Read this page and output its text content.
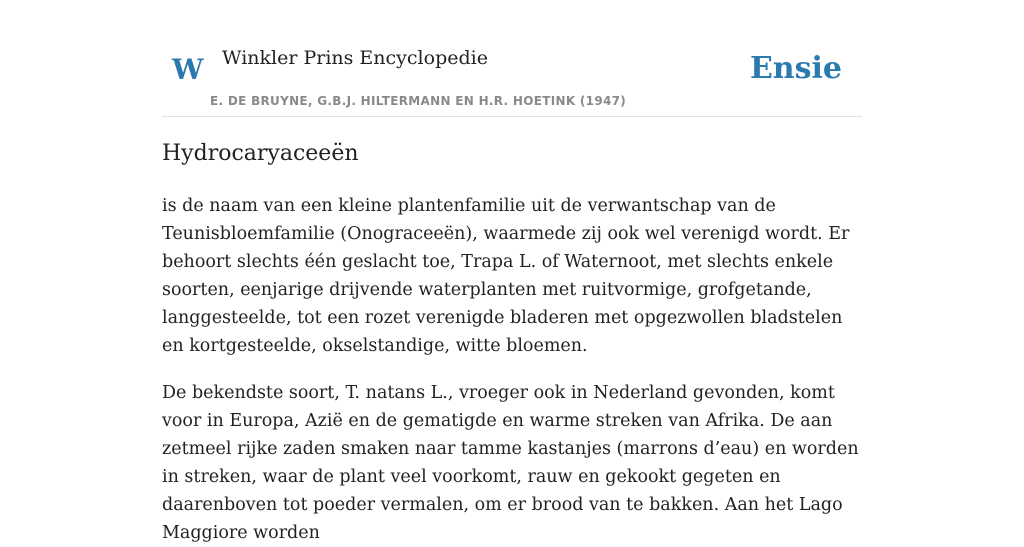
W Winkler Prins Encyclopedie
E. DE BRUYNE, G.B.J. HILTERMANN EN H.R. HOETINK (1947)
Ensie
Hydrocaryaceeën

is de naam van een kleine plantenfamilie uit de verwantschap van de Teunisbloemfamilie (Onograceeën), waarmede zij ook wel verenigd wordt. Er behoort slechts één geslacht toe, Trapa L. of Waternoot, met slechts enkele soorten, eenjarige drijvende waterplanten met ruitvormige, grofgetande, langgesteelde, tot een rozet verenigde bladeren met opgezwollen bladstelen en kortgesteelde, okselstandige, witte bloemen.

De bekendste soort, T. natans L., vroeger ook in Nederland gevonden, komt voor in Europa, Azië en de gematigde en warme streken van Afrika. De aan zetmeel rijke zaden smaken naar tamme kastanjes (marrons d’eau) en worden in streken, waar de plant veel voorkomt, rauw en gekookt gegeten en daarenboven tot poeder vermalen, om er brood van te bakken. Aan het Lago Maggiore worden
